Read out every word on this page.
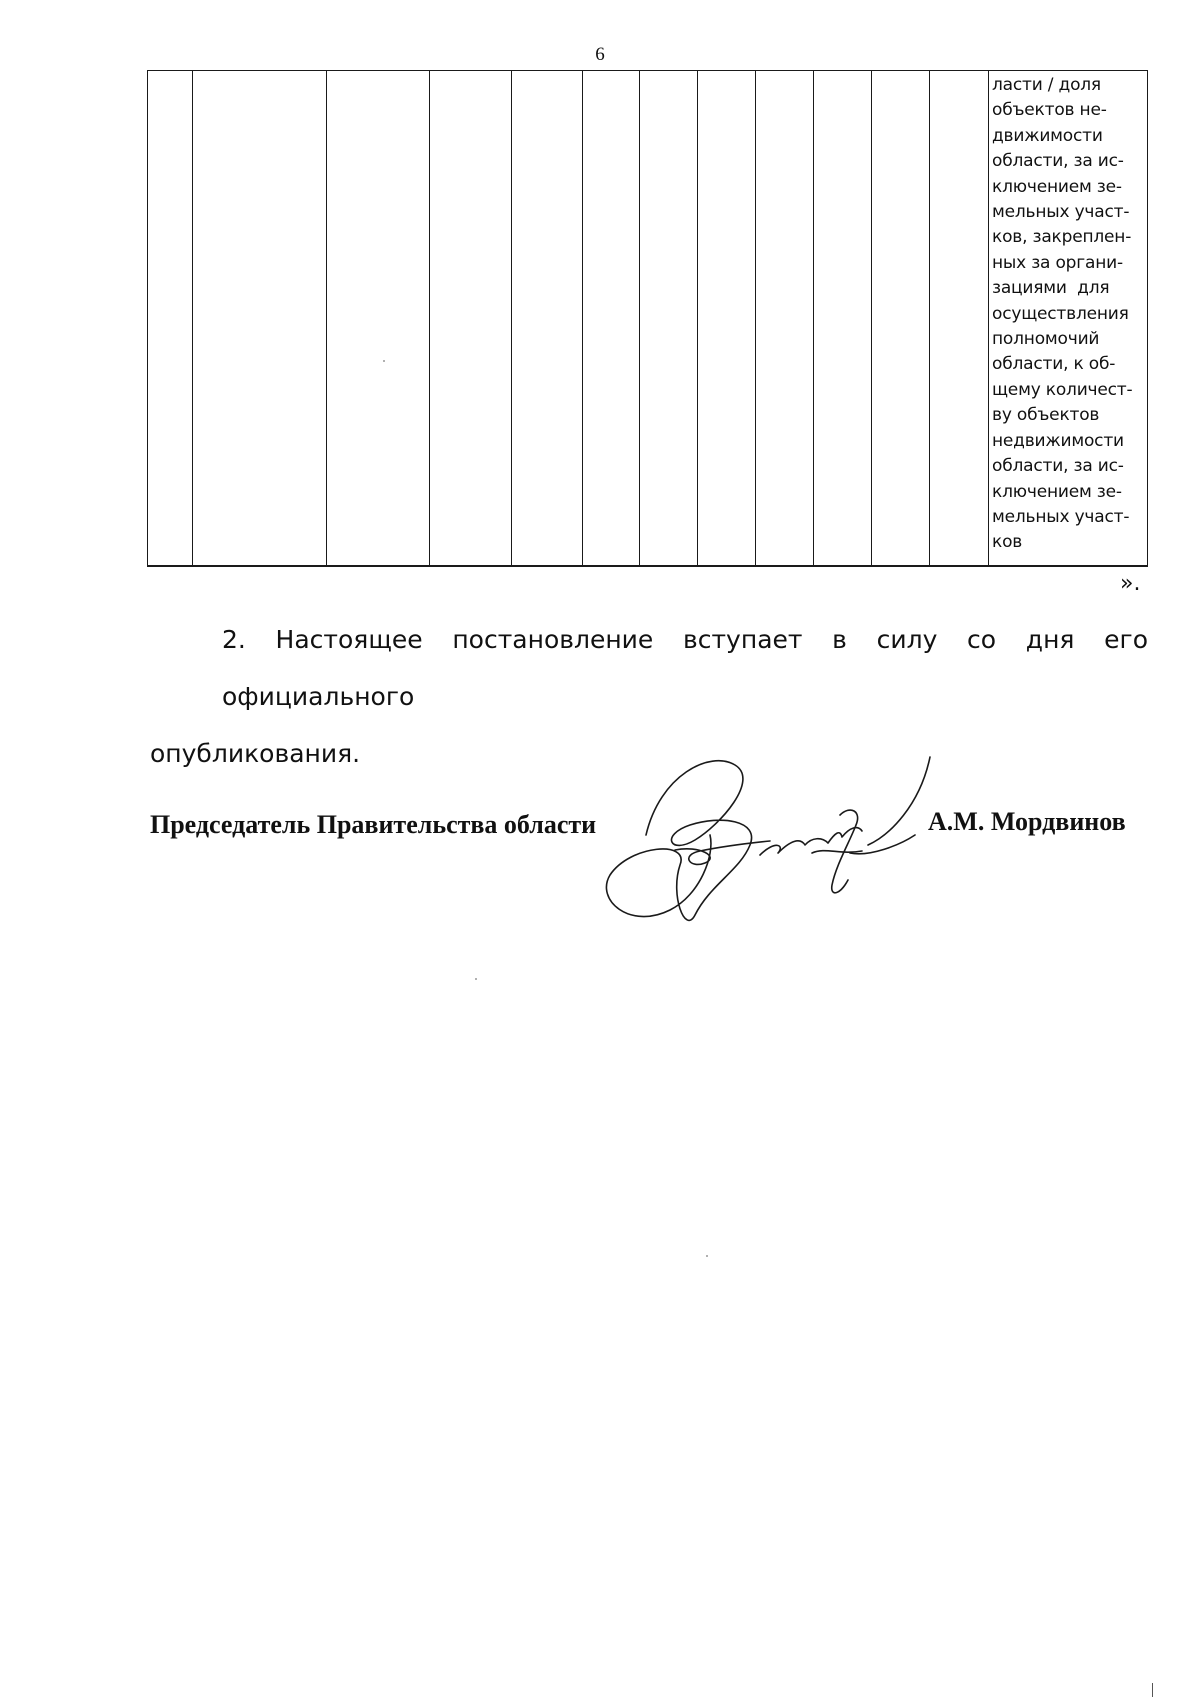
6

ласти / доля
объектов не-
движимости
области, за ис-
ключением зе-
мельных участ-
ков, закреплен-
ных за органи-
зациями  для
осуществления
полномочий
области, к об-
щему количест-
ву объектов
недвижимости
области, за ис-
ключением зе-
мельных участ-
ков
».
2. Настоящее постановление вступает в силу со дня его официального
опубликования.
Председатель Правительства области	А.М. Мордвинов
